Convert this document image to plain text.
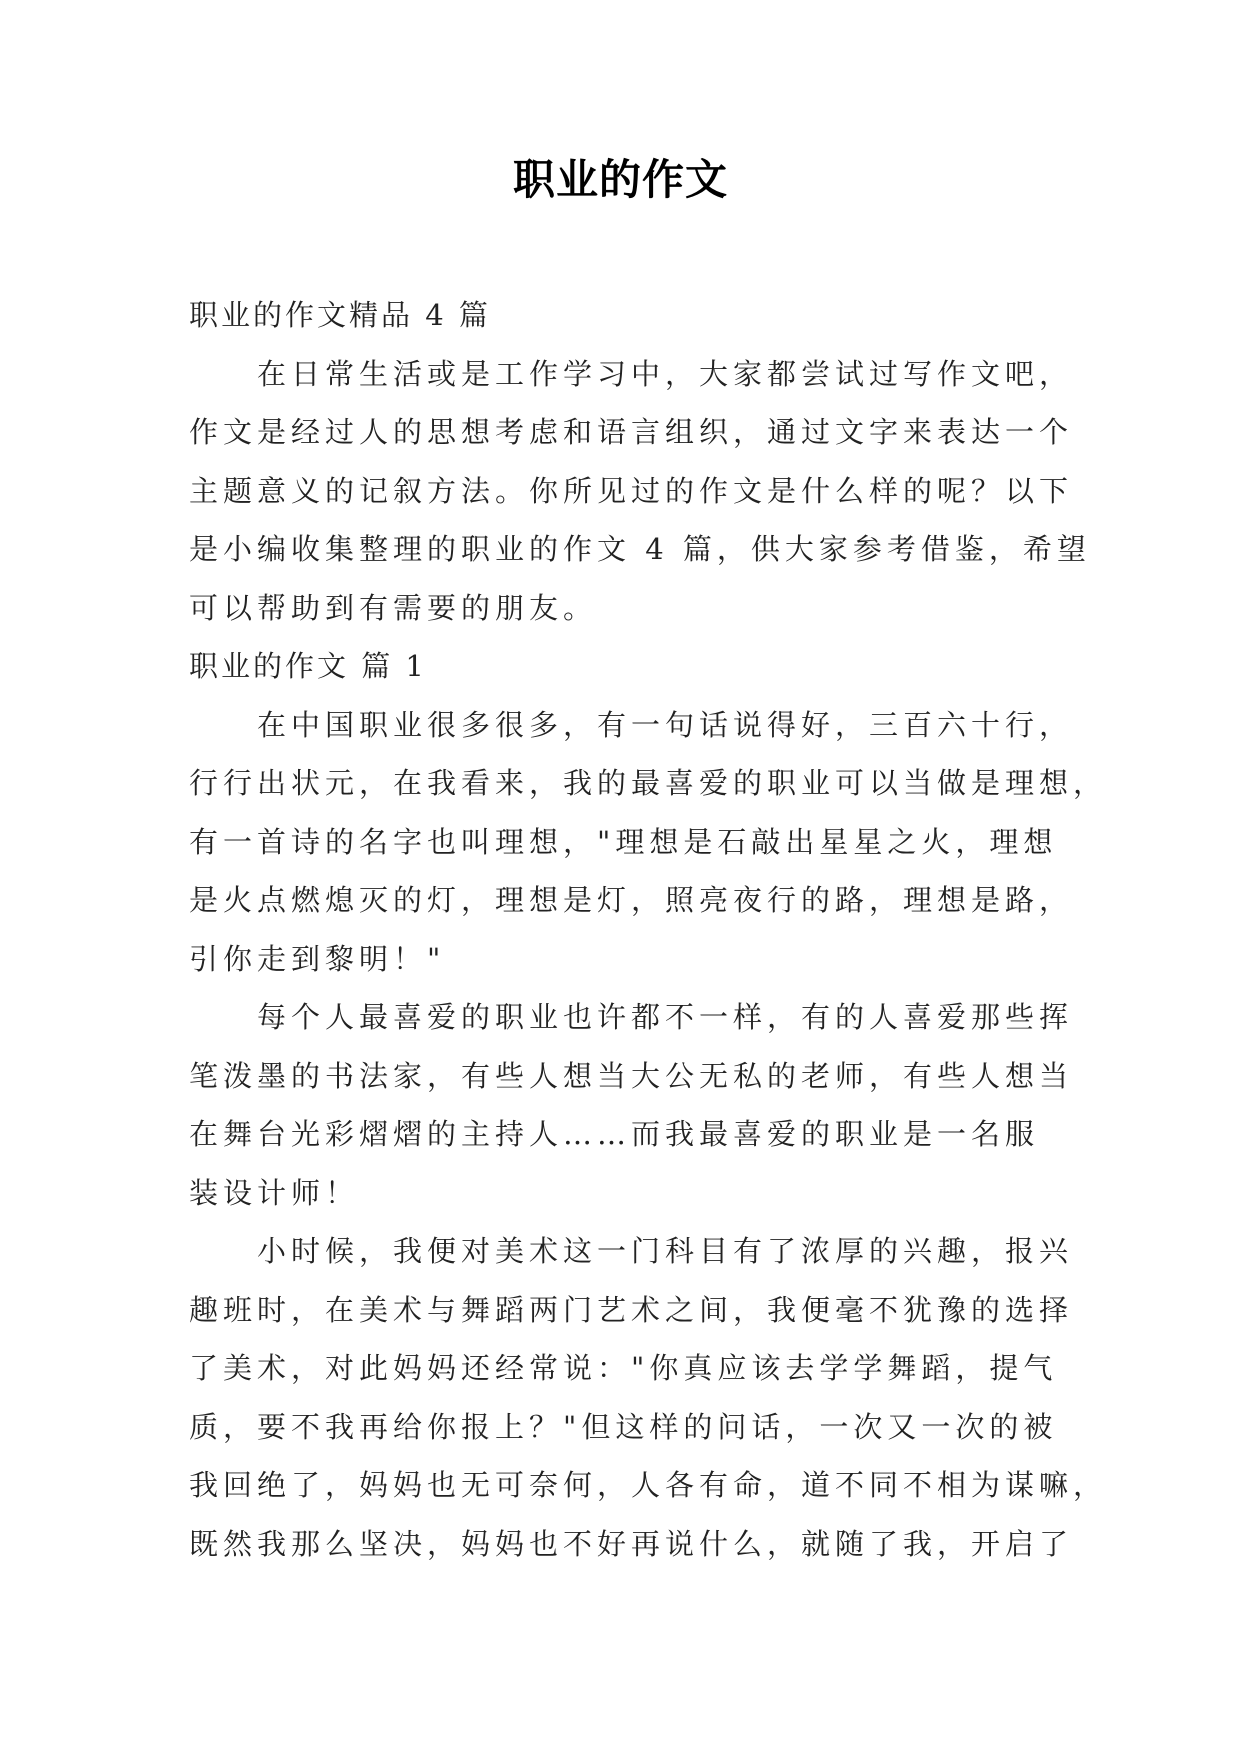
职业的作文
职业的作文精品 4 篇
在日常生活或是工作学习中，大家都尝试过写作文吧，
作文是经过人的思想考虑和语言组织，通过文字来表达一个
主题意义的记叙方法。你所见过的作文是什么样的呢？以下
是小编收集整理的职业的作文 4 篇，供大家参考借鉴，希望
可以帮助到有需要的朋友。
职业的作文 篇 1
在中国职业很多很多，有一句话说得好，三百六十行，
行行出状元，在我看来，我的最喜爱的职业可以当做是理想，
有一首诗的名字也叫理想，"理想是石敲出星星之火，理想
是火点燃熄灭的灯，理想是灯，照亮夜行的路，理想是路，
引你走到黎明！"
每个人最喜爱的职业也许都不一样，有的人喜爱那些挥
笔泼墨的书法家，有些人想当大公无私的老师，有些人想当
在舞台光彩熠熠的主持人……而我最喜爱的职业是一名服
装设计师！
小时候，我便对美术这一门科目有了浓厚的兴趣，报兴
趣班时，在美术与舞蹈两门艺术之间，我便毫不犹豫的选择
了美术，对此妈妈还经常说："你真应该去学学舞蹈，提气
质，要不我再给你报上？"但这样的问话，一次又一次的被
我回绝了，妈妈也无可奈何，人各有命，道不同不相为谋嘛，
既然我那么坚决，妈妈也不好再说什么，就随了我，开启了
